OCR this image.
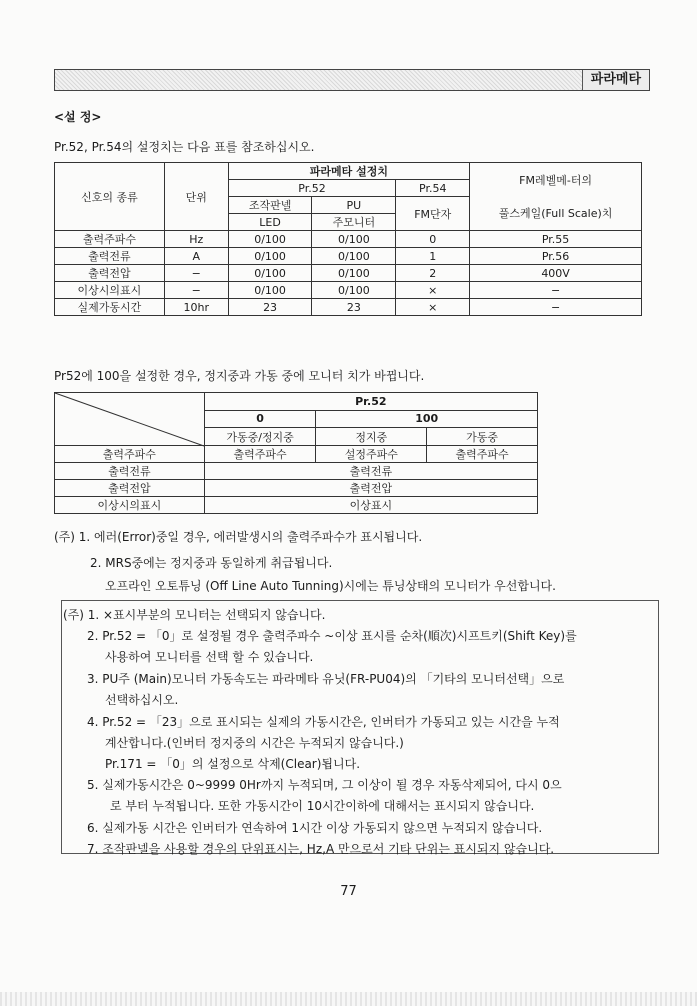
파라메타
<설 정>
Pr.52, Pr.54의 설정치는 다음 표를 참조하십시오.
신호의 종류	단위	파라메타 설정치			FM레벨메-터의
		Pr.52		Pr.54	
		조작판넬	PU	FM단자	풀스케일(Full Scale)치
		LED	주모니터		
출력주파수	Hz	0/100	0/100	0	Pr.55
출력전류	A	0/100	0/100	1	Pr.56
출력전압	−	0/100	0/100	2	400V
이상시의표시	−	0/100	0/100	×	−
실제가동시간	10hr	23	23	×	−
Pr52에 100을 설정한 경우, 정지중과 가동 중에 모니터 치가 바뀝니다.
	Pr.52		
	0	100	
	가동중/정지중	정지중	가동중
출력주파수	출력주파수	설정주파수	출력주파수
출력전류	출력전류		
출력전압	출력전압		
이상시의표시	이상표시		
(주) 1. 에러(Error)중일 경우, 에러발생시의 출력주파수가 표시됩니다.
2. MRS중에는 정지중과 동일하게 취급됩니다.
오프라인 오토튜닝 (Off Line Auto Tunning)시에는 튜닝상태의 모니터가 우선합니다.
(주) 1. ×표시부분의 모니터는 선택되지 않습니다.
2. Pr.52 = 「0」로 설정될 경우 출력주파수 ~이상 표시를 순차(順次)시프트키(Shift Key)를
사용하여 모니터를 선택 할 수 있습니다.
3. PU주 (Main)모니터 가동속도는 파라메타 유닛(FR-PU04)의 「기타의 모니터선택」으로
선택하십시오.
4. Pr.52 = 「23」으로 표시되는 실제의 가동시간은, 인버터가 가동되고 있는 시간을 누적
계산합니다.(인버터 정지중의 시간은 누적되지 않습니다.)
Pr.171 = 「0」의 설정으로 삭제(Clear)됩니다.
5. 실제가동시간은 0~9999 0Hr까지 누적되며, 그 이상이 될 경우 자동삭제되어, 다시 0으
로 부터 누적됩니다. 또한 가동시간이 10시간이하에 대해서는 표시되지 않습니다.
6. 실제가동 시간은 인버터가 연속하여 1시간 이상 가동되지 않으면 누적되지 않습니다.
7. 조작판넬을 사용할 경우의 단위표시는, Hz,A 만으로서 기타 단위는 표시되지 않습니다.
77
